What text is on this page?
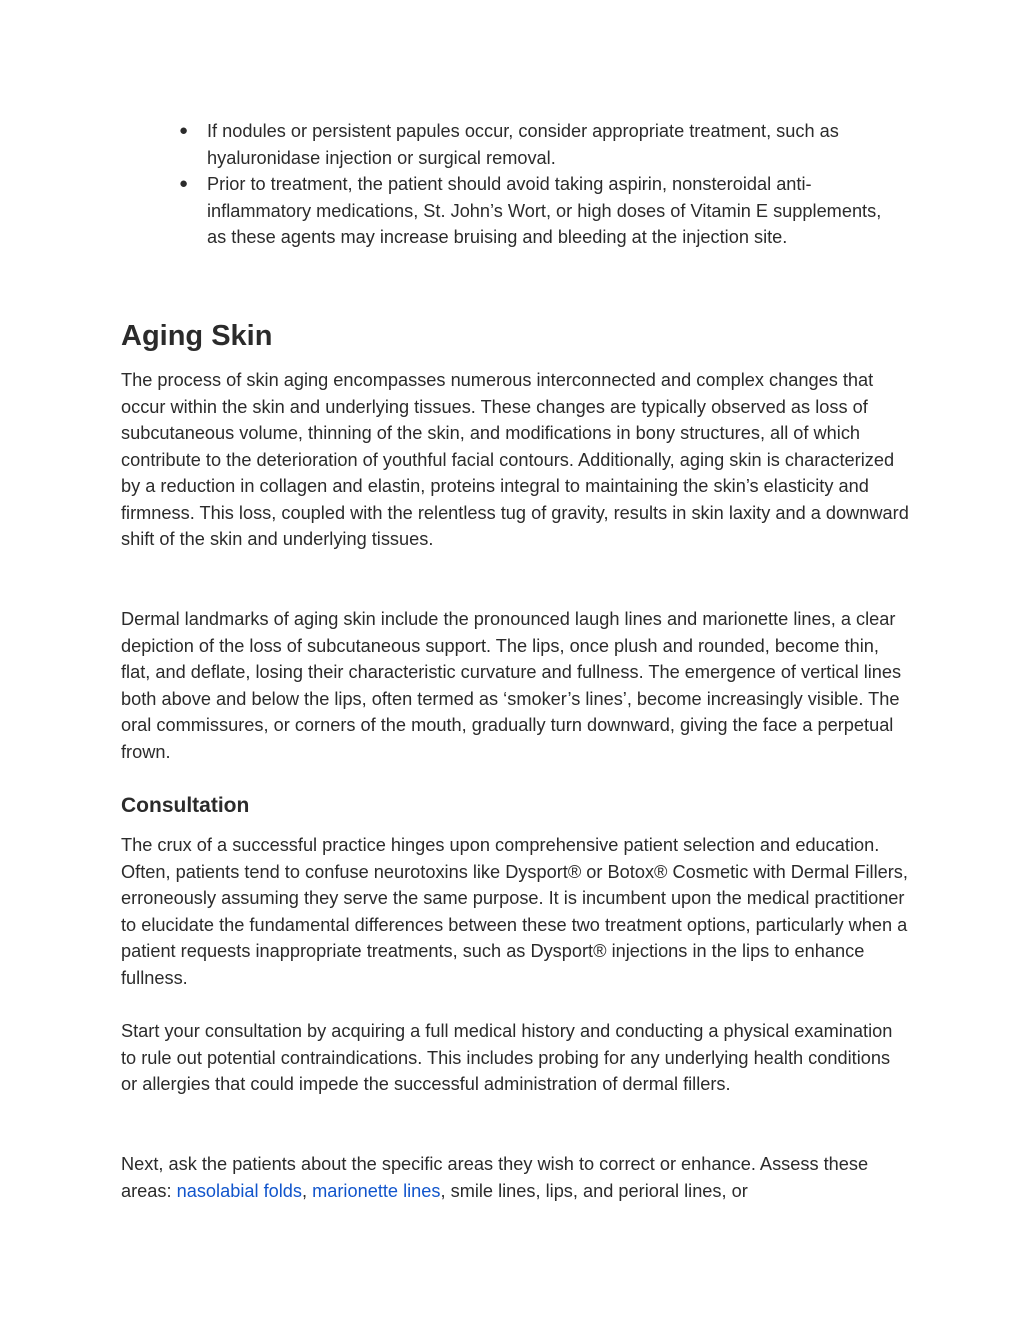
● If nodules or persistent papules occur, consider appropriate treatment, such as hyaluronidase injection or surgical removal.
● Prior to treatment, the patient should avoid taking aspirin, nonsteroidal anti-inflammatory medications, St. John’s Wort, or high doses of Vitamin E supplements, as these agents may increase bruising and bleeding at the injection site.
Aging Skin

The process of skin aging encompasses numerous interconnected and complex changes that occur within the skin and underlying tissues. These changes are typically observed as loss of subcutaneous volume, thinning of the skin, and modifications in bony structures, all of which contribute to the deterioration of youthful facial contours. Additionally, aging skin is characterized by a reduction in collagen and elastin, proteins integral to maintaining the skin’s elasticity and firmness. This loss, coupled with the relentless tug of gravity, results in skin laxity and a downward shift of the skin and underlying tissues.

Dermal landmarks of aging skin include the pronounced laugh lines and marionette lines, a clear depiction of the loss of subcutaneous support. The lips, once plush and rounded, become thin, flat, and deflate, losing their characteristic curvature and fullness. The emergence of vertical lines both above and below the lips, often termed as ‘smoker’s lines’, become increasingly visible. The oral commissures, or corners of the mouth, gradually turn downward, giving the face a perpetual frown.

Consultation

The crux of a successful practice hinges upon comprehensive patient selection and education. Often, patients tend to confuse neurotoxins like Dysport® or Botox® Cosmetic with Dermal Fillers, erroneously assuming they serve the same purpose. It is incumbent upon the medical practitioner to elucidate the fundamental differences between these two treatment options, particularly when a patient requests inappropriate treatments, such as Dysport® injections in the lips to enhance fullness.

Start your consultation by acquiring a full medical history and conducting a physical examination to rule out potential contraindications. This includes probing for any underlying health conditions or allergies that could impede the successful administration of dermal fillers.

Next, ask the patients about the specific areas they wish to correct or enhance. Assess these areas: nasolabial folds, marionette lines, smile lines, lips, and perioral lines, or
